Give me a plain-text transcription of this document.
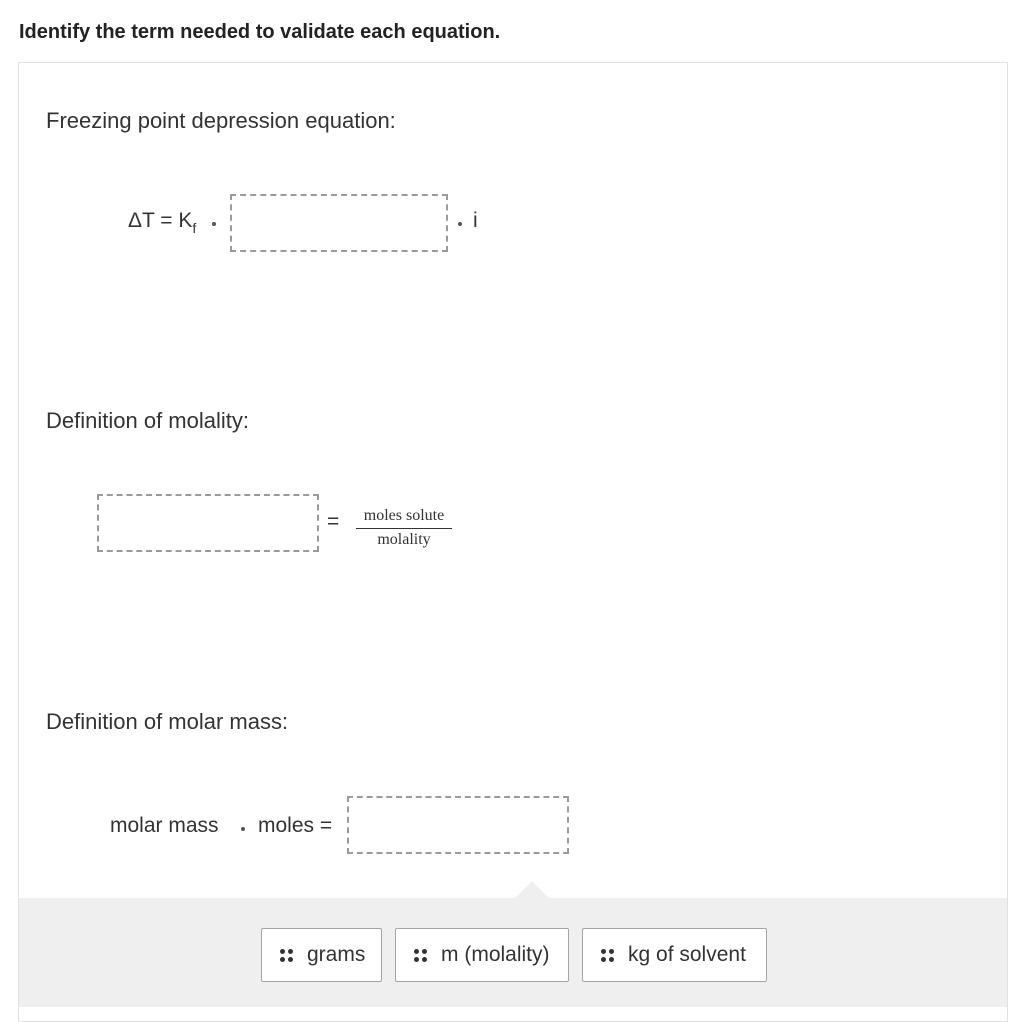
Identify the term needed to validate each equation.
Freezing point depression equation:
$\Delta T = K_f$	i
Definition of molality:
=	moles solute
molality
Definition of molar mass:
molar mass moles =
grams	m (molality)	kg of solvent
